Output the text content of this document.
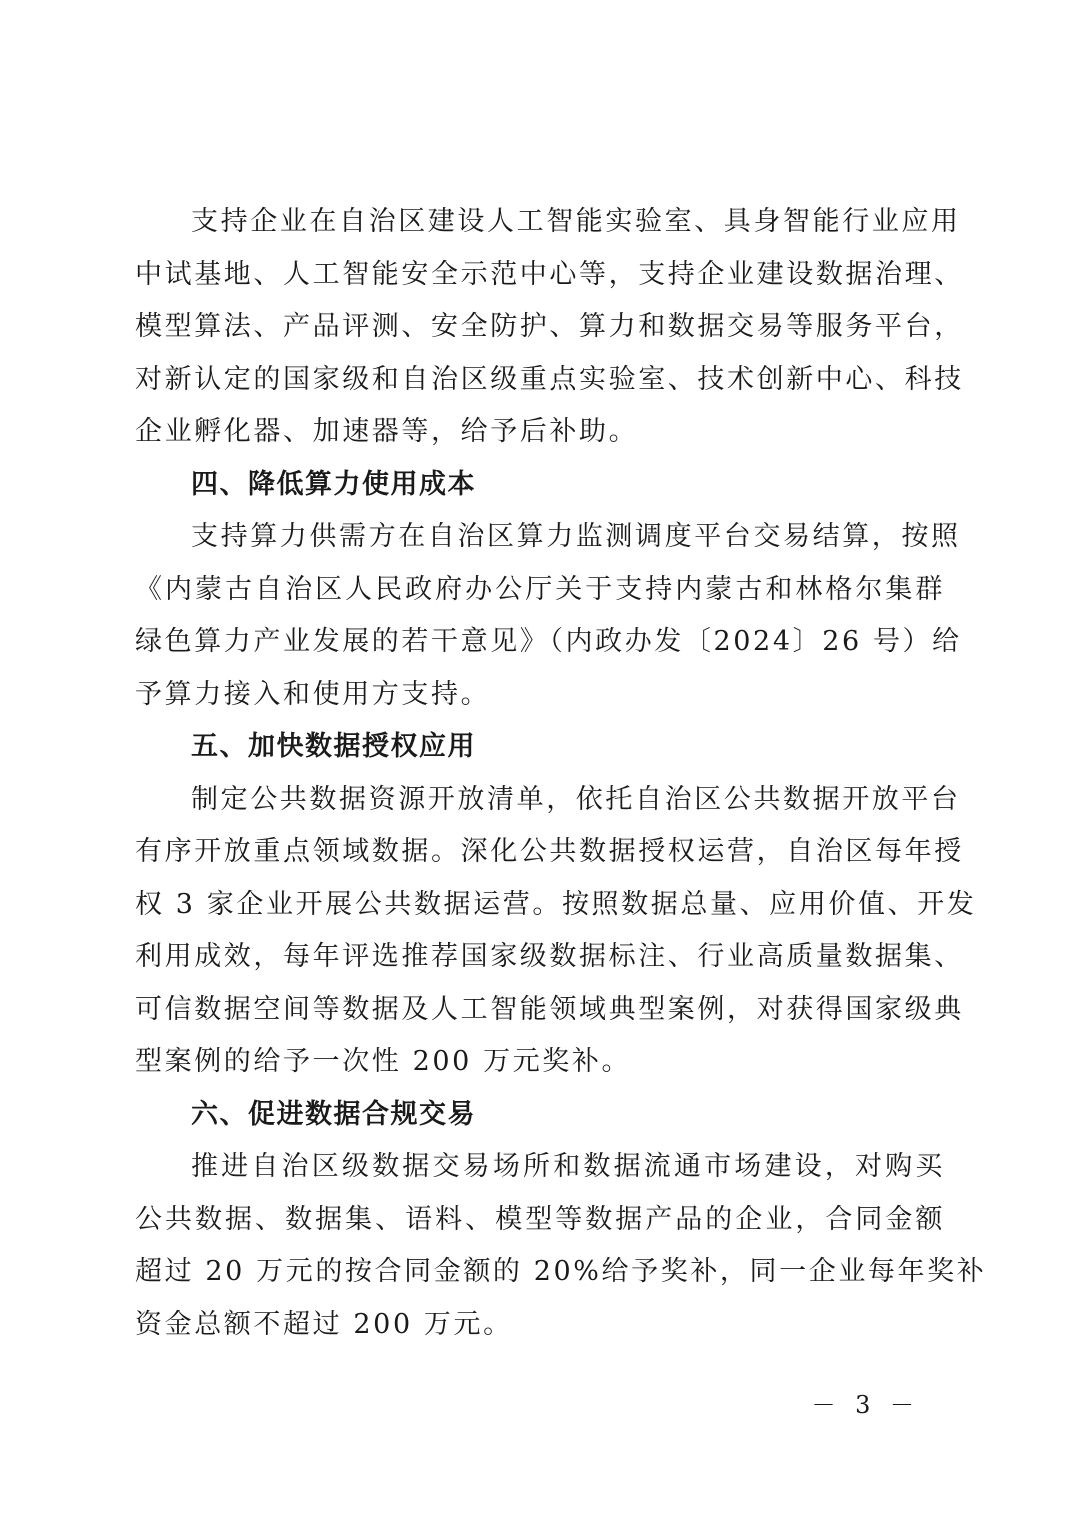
支持企业在自治区建设人工智能实验室、具身智能行业应用
中试基地、人工智能安全示范中心等，支持企业建设数据治理、
模型算法、产品评测、安全防护、算力和数据交易等服务平台，
对新认定的国家级和自治区级重点实验室、技术创新中心、科技
企业孵化器、加速器等，给予后补助。
四、降低算力使用成本
支持算力供需方在自治区算力监测调度平台交易结算，按照
《内蒙古自治区人民政府办公厅关于支持内蒙古和林格尔集群
绿色算力产业发展的若干意见》（内政办发〔2024〕26 号）给
予算力接入和使用方支持。
五、加快数据授权应用
制定公共数据资源开放清单，依托自治区公共数据开放平台
有序开放重点领域数据。深化公共数据授权运营，自治区每年授
权 3 家企业开展公共数据运营。按照数据总量、应用价值、开发
利用成效，每年评选推荐国家级数据标注、行业高质量数据集、
可信数据空间等数据及人工智能领域典型案例，对获得国家级典
型案例的给予一次性 200 万元奖补。
六、促进数据合规交易
推进自治区级数据交易场所和数据流通市场建设，对购买
公共数据、数据集、语料、模型等数据产品的企业，合同金额
超过 20 万元的按合同金额的 20%给予奖补，同一企业每年奖补
资金总额不超过 200 万元。
－ 3 －
